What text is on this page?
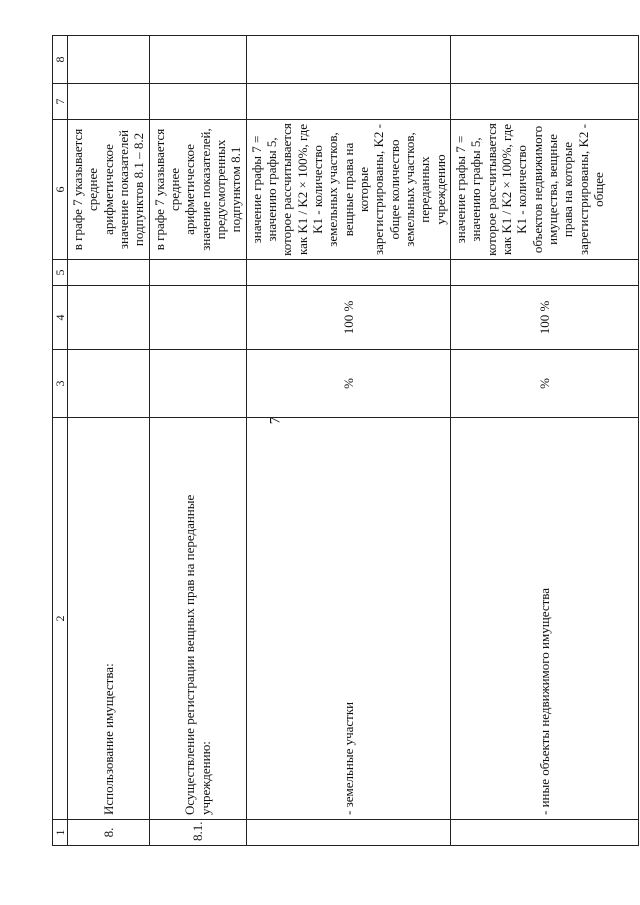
7
1	2	3	4	5	6	7	8
8.	Использование имущества:				в графе 7 указывается среднее арифметическое значение показателей подпунктов 8.1 – 8.2		
8.1.	Осуществление регистрации вещных прав на переданные учреждению:				в графе 7 указывается среднее арифметическое значение показателей, предусмотренных подпунктом 8.1		
	- земельные участки	%	100 %		значение графы 7 = значению графы 5, которое рассчитывается как K1 / K2 × 100%, где K1 - количество земельных участков, вещные права на которые зарегистрированы, K2 - общее количество земельных участков, переданных учреждению		
	- иные объекты недвижимого имущества	%	100 %		значение графы 7 = значению графы 5, которое рассчитывается как K1 / K2 × 100%, где K1 - количество объектов недвижимого имущества, вещные права на которые зарегистрированы, K2 - общее		
